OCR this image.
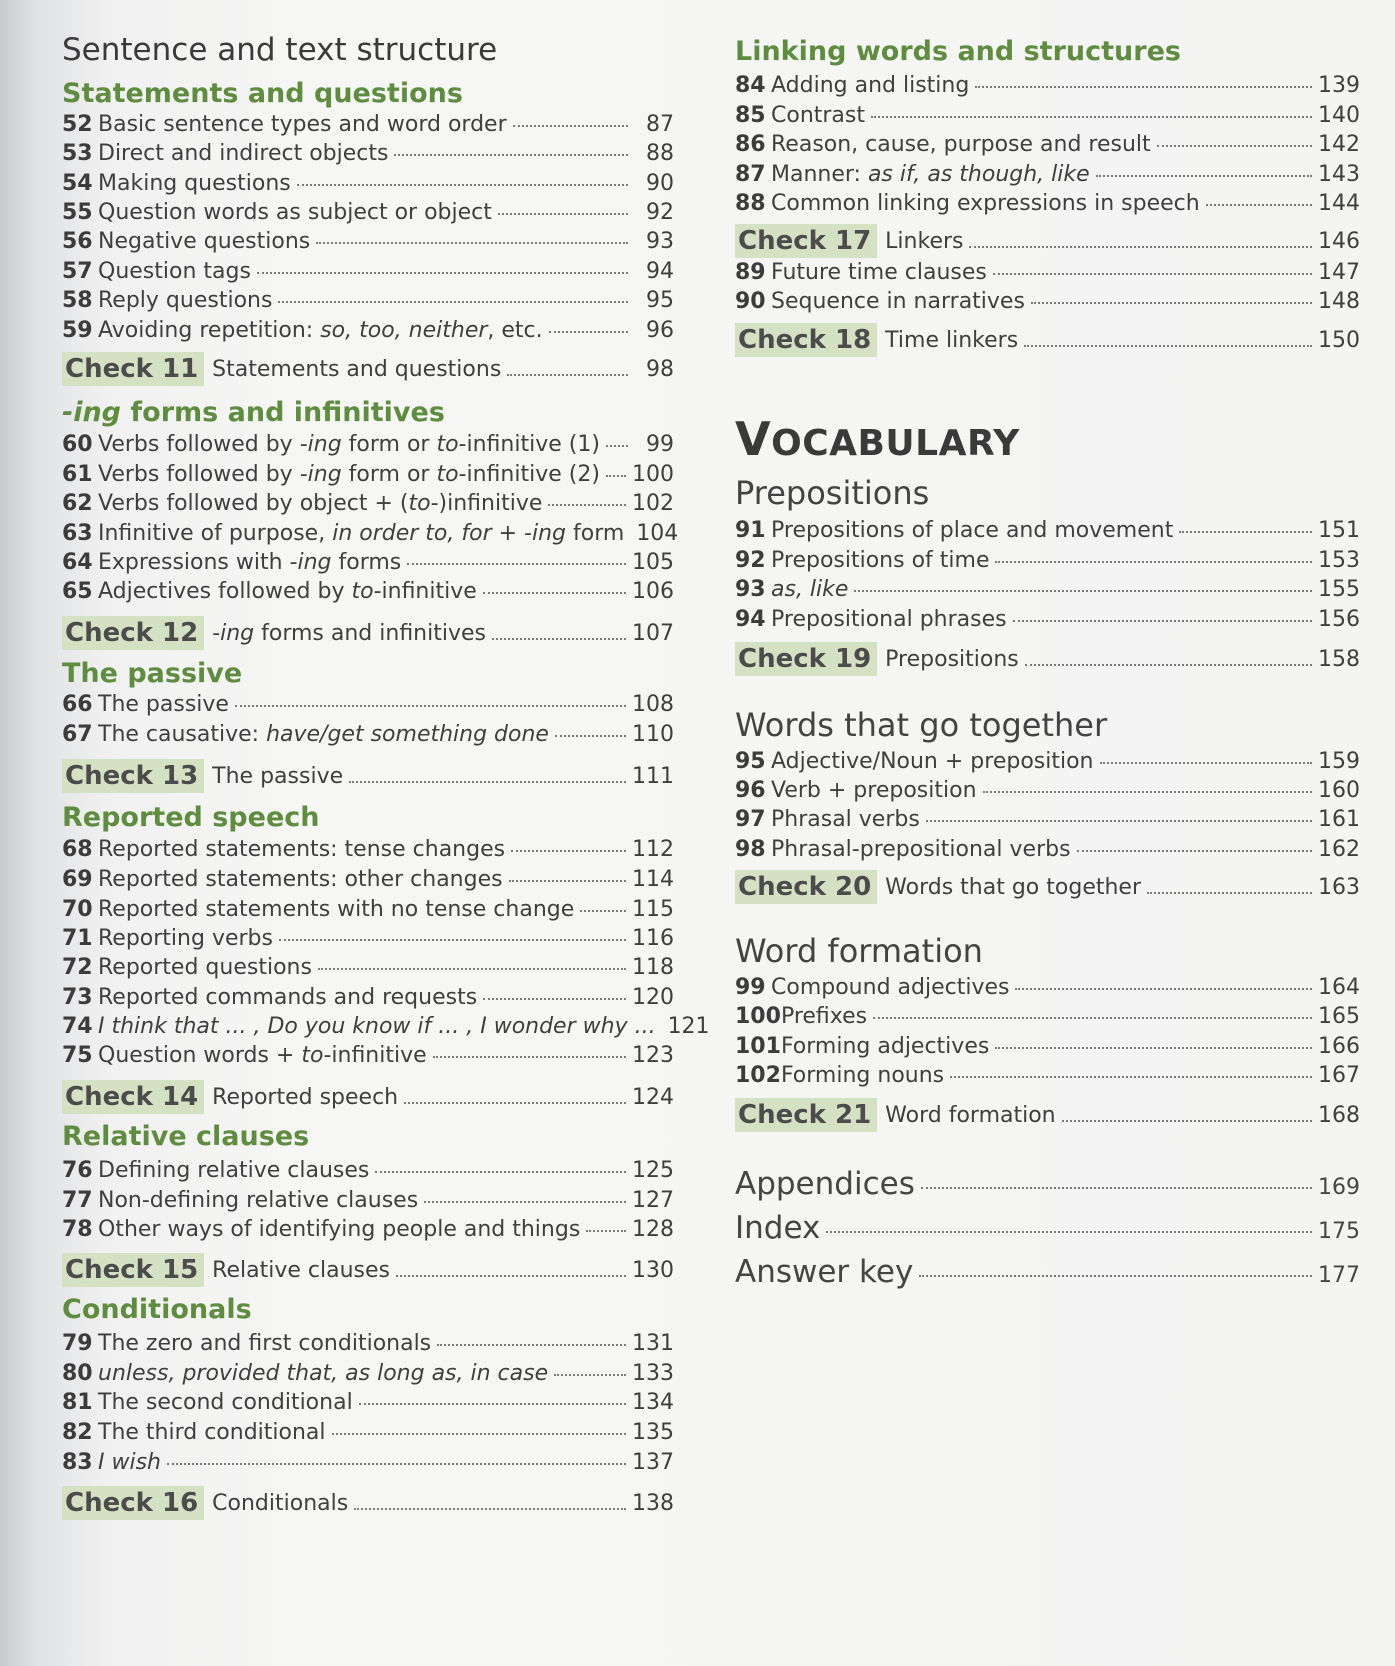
Sentence and text structure
Statements and questions
52 Basic sentence types and word order	87
53 Direct and indirect objects	88
54 Making questions	90
55 Question words as subject or object	92
56 Negative questions	93
57 Question tags	94
58 Reply questions	95
59 Avoiding repetition: so, too, neither, etc.	96
Check 11 Statements and questions	98
-ing forms and infinitives
60 Verbs followed by -ing form or to-infinitive (1)	99
61 Verbs followed by -ing form or to-infinitive (2) 100
62 Verbs followed by object + (to-)infinitive	102
63 Infinitive of purpose, in order to, for + -ing form 104
64 Expressions with -ing forms	105
65 Adjectives followed by to-infinitive	106
Check 12 -ing forms and infinitives	107
The passive
66 The passive	108
67 The causative: have/get something done	110
Check 13 The passive	111
Reported speech
68 Reported statements: tense changes	112
69 Reported statements: other changes	114
70 Reported statements with no tense change	115
71 Reporting verbs	116
72 Reported questions	118
73 Reported commands and requests	120
74 I think that ... , Do you know if ... , I wonder why ... 121
75 Question words + to-infinitive	123
Check 14 Reported speech	124
Relative clauses
76 Defining relative clauses	125
77 Non-defining relative clauses	127
78 Other ways of identifying people and things 128
Check 15 Relative clauses	130
Conditionals
79 The zero and first conditionals	131
80 unless, provided that, as long as, in case	133
81 The second conditional	134
82 The third conditional	135
83 I wish	137
Check 16 Conditionals	138
Linking words and structures
84 Adding and listing	139
85 Contrast	140
86 Reason, cause, purpose and result	142
87 Manner: as if, as though, like	143
88 Common linking expressions in speech	144
Check 17 Linkers	146
89 Future time clauses	147
90 Sequence in narratives	148
Check 18 Time linkers	150
VOCABULARY
Prepositions
91 Prepositions of place and movement	151
92 Prepositions of time	153
93 as, like	155
94 Prepositional phrases	156
Check 19 Prepositions	158
Words that go together
95 Adjective/Noun + preposition	159
96 Verb + preposition	160
97 Phrasal verbs	161
98 Phrasal-prepositional verbs	162
Check 20 Words that go together	163
Word formation
99 Compound adjectives	164
100 Prefixes	165
101 Forming adjectives	166
102 Forming nouns	167
Check 21 Word formation	168
Appendices	169
Index	175
Answer key	177
